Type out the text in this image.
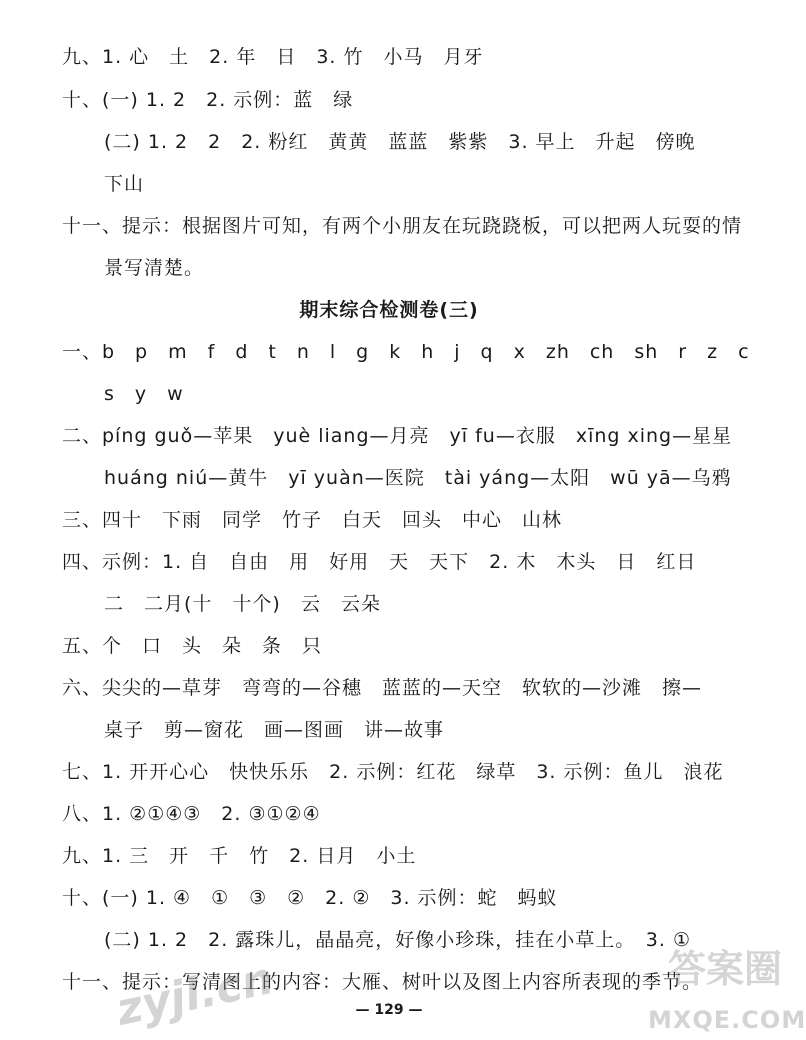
九、1. 心　土　2. 年　日　3. 竹　小马　月牙
十、(一) 1. 2　2. 示例：蓝　绿
(二) 1. 2　2　2. 粉红　黄黄　蓝蓝　紫紫　3. 早上　升起　傍晚
下山
十一、提示：根据图片可知，有两个小朋友在玩跷跷板，可以把两人玩耍的情
景写清楚。
期末综合检测卷(三)
一、b　p　m　f　d　t　n　l　g　k　h　j　q　x　zh　ch　sh　r　z　c
s　y　w
二、píng guǒ—苹果　yuè liang—月亮　yī fu—衣服　xīng xing—星星
huáng niú—黄牛　yī yuàn—医院　tài yáng—太阳　wū yā—乌鸦
三、四十　下雨　同学　竹子　白天　回头　中心　山林
四、示例：1. 自　自由　用　好用　天　天下　2. 木　木头　日　红日
二　二月(十　十个)　云　云朵
五、个　口　头　朵　条　只
六、尖尖的—草芽　弯弯的—谷穗　蓝蓝的—天空　软软的—沙滩　擦—
桌子　剪—窗花　画—图画　讲—故事
七、1. 开开心心　快快乐乐　2. 示例：红花　绿草　3. 示例：鱼儿　浪花
八、1. ②①④③　2. ③①②④
九、1. 三　开　千　竹　2. 日月　小土
十、(一) 1. ④　①　③　②　2. ②　3. 示例：蛇　蚂蚁
(二) 1. 2　2. 露珠儿，晶晶亮，好像小珍珠，挂在小草上。　3. ①
十一、提示：写清图上的内容：大雁、树叶以及图上内容所表现的季节。
— 129 —
zyjl.cn	答案圈
MXQE.COM
